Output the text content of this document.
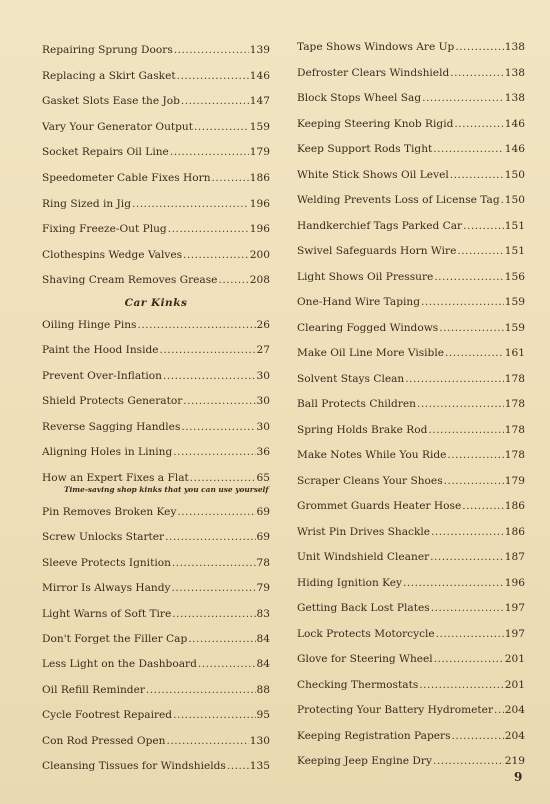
Car Kinks
Repairing Sprung Doors .....	139
Replacing a Skirt Gasket .....	146
Gasket Slots Ease the Job .....	147
Vary Your Generator Output .....	159
Socket Repairs Oil Line .....	179
Speedometer Cable Fixes Horn .....	186
Ring Sized in Jig .....	196
Fixing Freeze-Out Plug .....	196
Clothespins Wedge Valves .....	200
Shaving Cream Removes Grease .....	208
Oiling Hinge Pins .....	26
Paint the Hood Inside .....	27
Prevent Over-Inflation .....	30
Shield Protects Generator .....	30
Reverse Sagging Handles .....	30
Aligning Holes in Lining .....	36
How an Expert Fixes a Flat .....	65
Time-saving shop kinks that you can use yourself
Pin Removes Broken Key .....	69
Screw Unlocks Starter .....	69
Sleeve Protects Ignition .....	78
Mirror Is Always Handy .....	79
Light Warns of Soft Tire .....	83
Don't Forget the Filler Cap .....	84
Less Light on the Dashboard .....	84
Oil Refill Reminder .....	88
Cycle Footrest Repaired .....	95
Con Rod Pressed Open .....	130
Cleansing Tissues for Windshields ..... 135
Tape Shows Windows Are Up .....	138
Defroster Clears Windshield .....	138
Block Stops Wheel Sag .....	138
Keeping Steering Knob Rigid .....	146
Keep Support Rods Tight .....	146
White Stick Shows Oil Level .....	150
Welding Prevents Loss of License Tag ..... 150
Handkerchief Tags Parked Car .....	151
Swivel Safeguards Horn Wire .....	151
Light Shows Oil Pressure .....	156
One-Hand Wire Taping .....	159
Clearing Fogged Windows .....	159
Make Oil Line More Visible .....	161
Solvent Stays Clean .....	178
Ball Protects Children .....	178
Spring Holds Brake Rod .....	178
Make Notes While You Ride .....	178
Scraper Cleans Your Shoes .....	179
Grommet Guards Heater Hose .....	186
Wrist Pin Drives Shackle .....	186
Unit Windshield Cleaner .....	187
Hiding Ignition Key .....	196
Getting Back Lost Plates .....	197
Lock Protects Motorcycle .....	197
Glove for Steering Wheel .....	201
Checking Thermostats .....	201
Protecting Your Battery Hydrometer ..... 204
Keeping Registration Papers .....	204
Keeping Jeep Engine Dry .....	219
9
